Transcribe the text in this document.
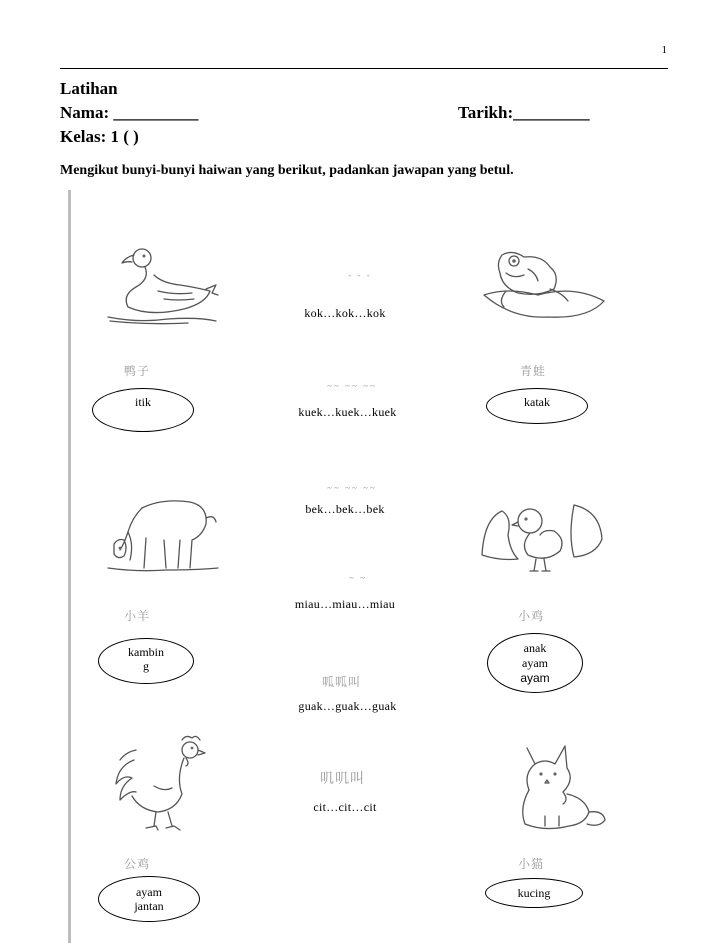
1
Latihan
Nama: __________	Tarikh:_________
Kelas: 1 ( )
Mengikut bunyi-bunyi haiwan yang berikut, padankan jawapan yang betul.
- - -
~~ ~~ ~~
~~ ~~ ~~
~ ~
呱呱叫
叽叽叫
kok…kok…kok
kuek…kuek…kuek
bek…bek…bek
miau…miau…miau
guak…guak…guak
cit…cit…cit
鸭子	青蛙
小羊	小鸡
公鸡	小猫
itik	katak
kambin
g
anak
ayam
ayam
ayam
jantan
kucing
